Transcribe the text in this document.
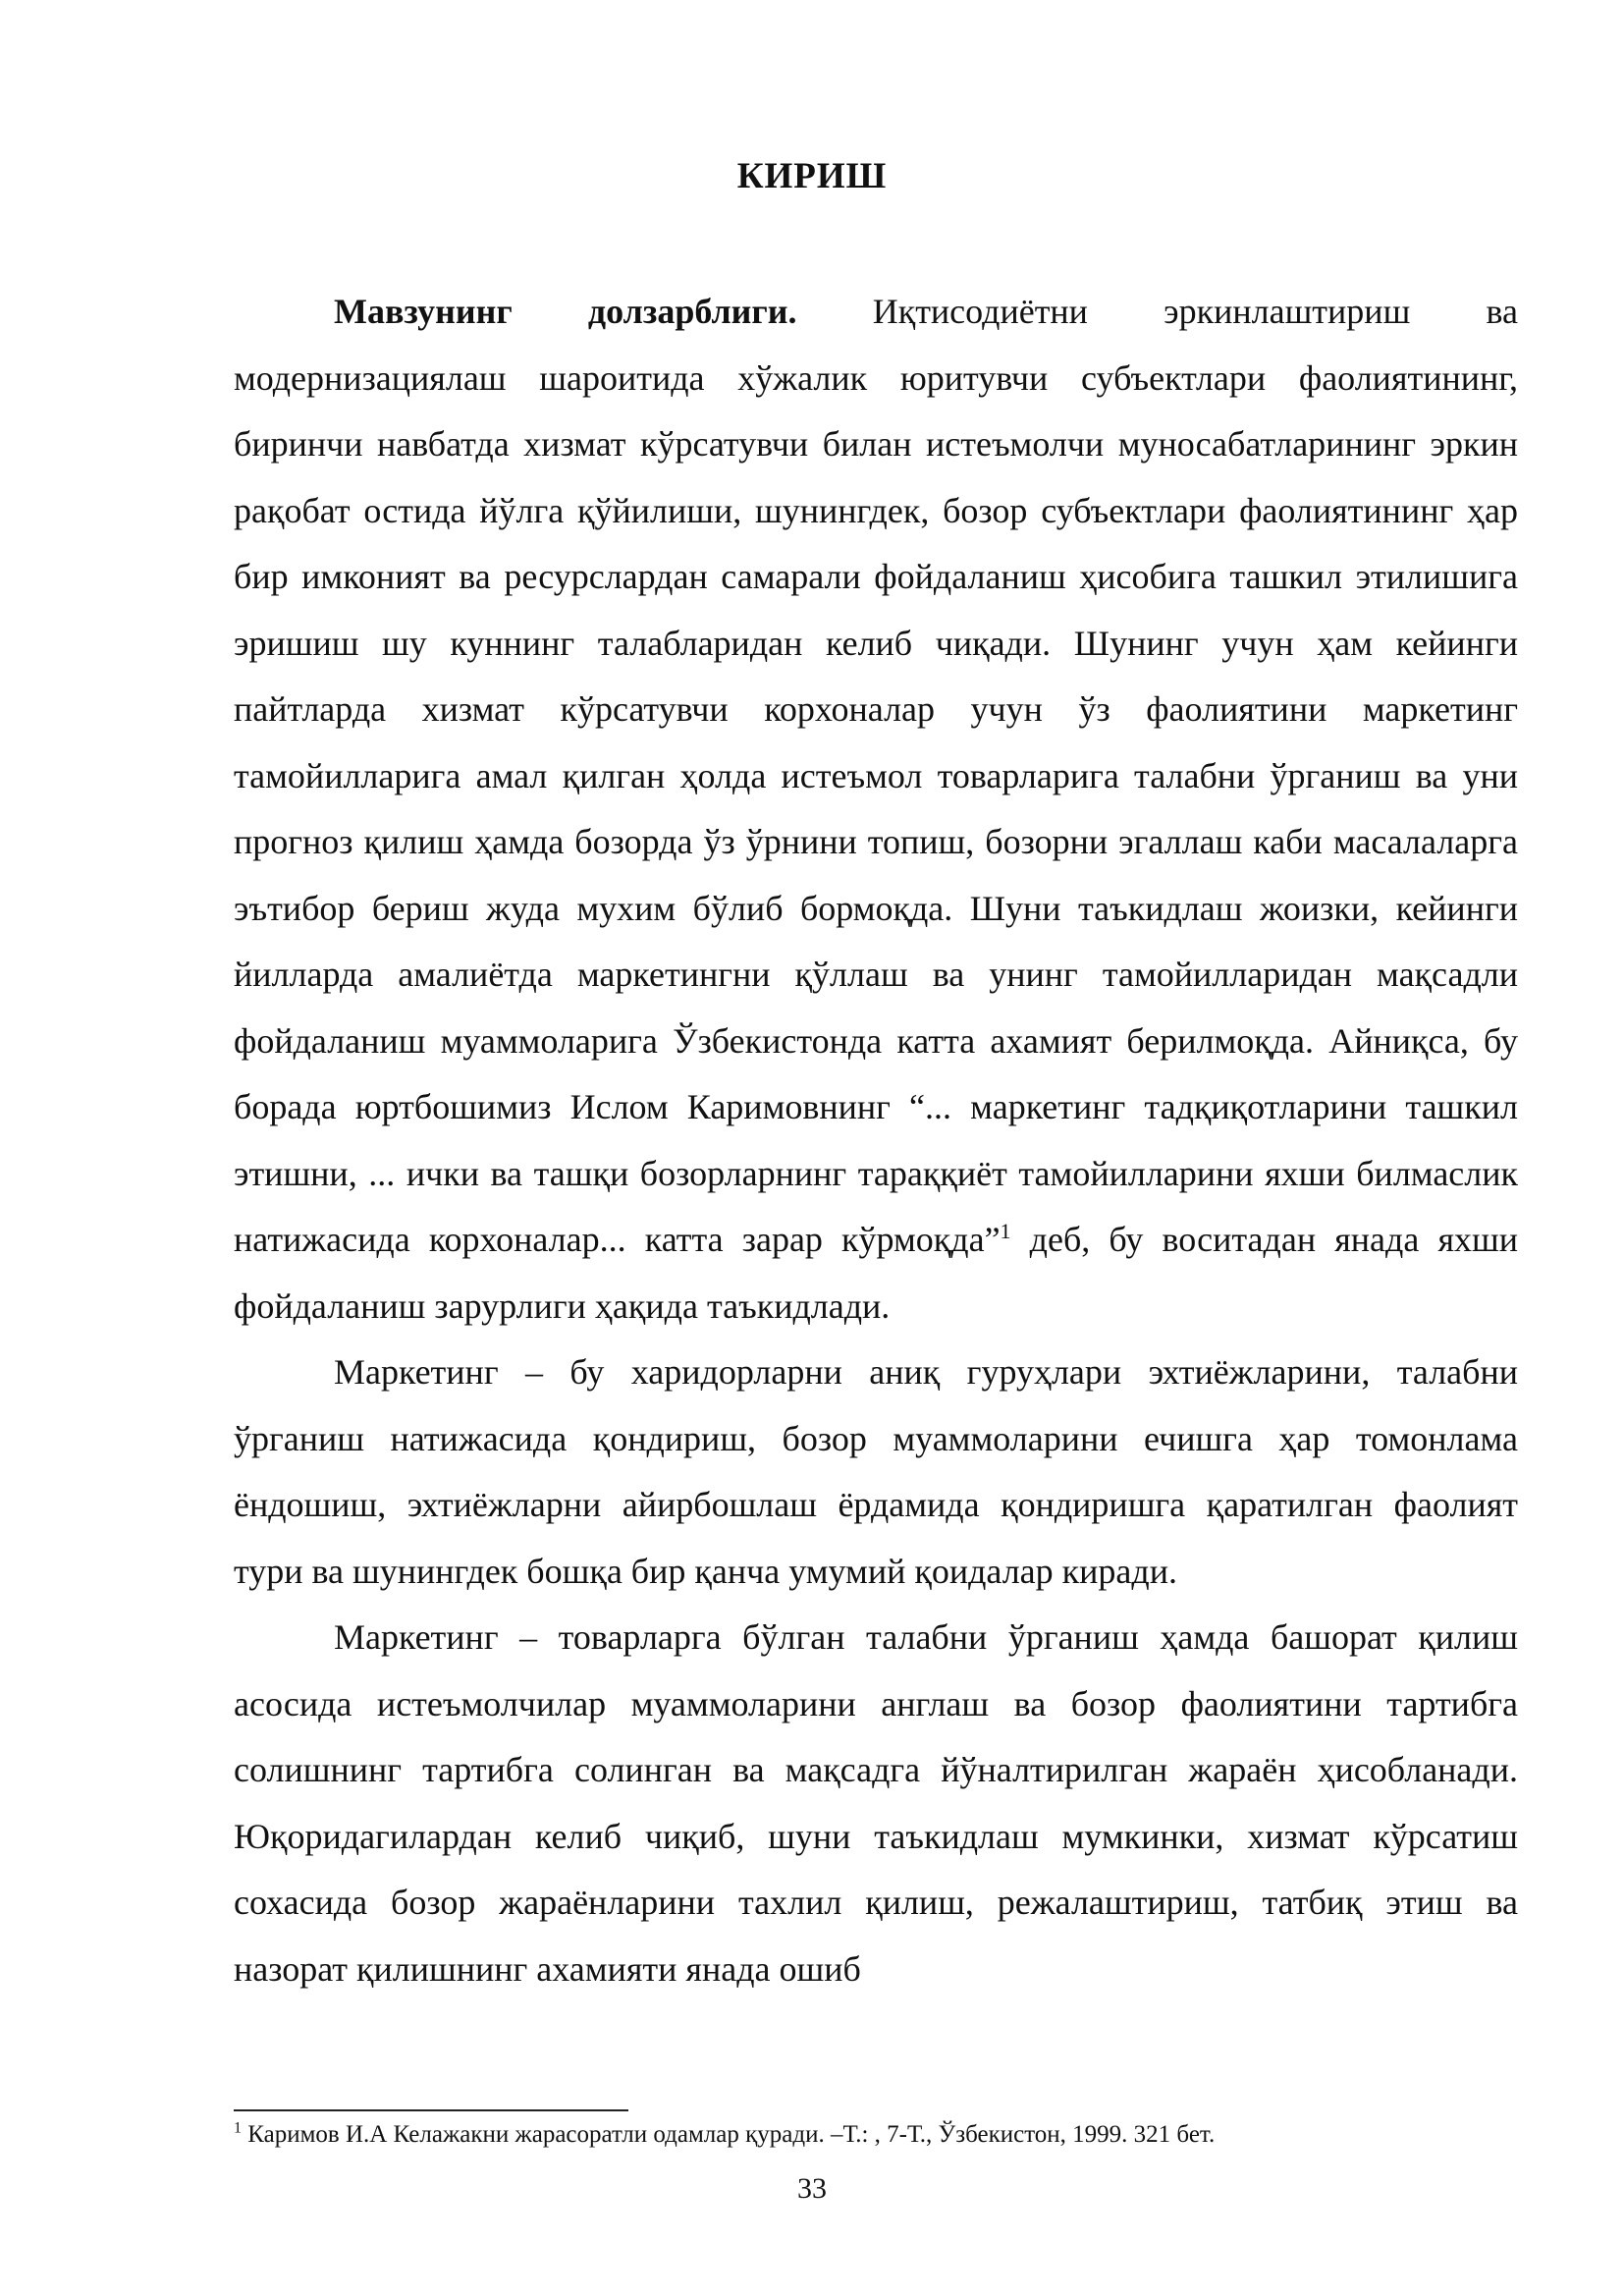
КИРИШ

Мавзунинг долзарблиги. Иқтисодиётни эркинлаштириш ва модернизациялаш шароитида хўжалик юритувчи субъектлари фаолиятининг, биринчи навбатда хизмат кўрсатувчи билан истеъмолчи муносабатларининг эркин рақобат остида йўлга қўйилиши, шунингдек, бозор субъектлари фаолиятининг ҳар бир имконият ва ресурслардан самарали фойдаланиш ҳисобига ташкил этилишига эришиш шу куннинг талабларидан келиб чиқади. Шунинг учун ҳам кейинги пайтларда хизмат кўрсатувчи корхоналар учун ўз фаолиятини маркетинг тамойилларига амал қилган ҳолда истеъмол товарларига талабни ўрганиш ва уни прогноз қилиш ҳамда бозорда ўз ўрнини топиш, бозорни эгаллаш каби масалаларга эътибор бериш жуда мухим бўлиб бормоқда. Шуни таъкидлаш жоизки, кейинги йилларда амалиётда маркетингни қўллаш ва унинг тамойилларидан мақсадли фойдаланиш муаммоларига Ўзбекистонда катта ахамият берилмоқда. Айниқса, бу борада юртбошимиз Ислом Каримовнинг “... маркетинг тадқиқотларини ташкил этишни, ... ички ва ташқи бозорларнинг тараққиёт тамойилларини яхши билмаслик натижасида корхоналар... катта зарар кўрмоқда”$^1$ деб, бу воситадан янада яхши фойдаланиш зарурлиги ҳақида таъкидлади.

Маркетинг – бу харидорларни аниқ гуруҳлари эхтиёжларини, талабни ўрганиш натижасида қондириш, бозор муаммоларини ечишга ҳар томонлама ёндошиш, эхтиёжларни айирбошлаш ёрдамида қондиришга қаратилган фаолият тури ва шунингдек бошқа бир қанча умумий қоидалар киради.

Маркетинг – товарларга бўлган талабни ўрганиш ҳамда башорат қилиш асосида истеъмолчилар муаммоларини англаш ва бозор фаолиятини тартибга солишнинг тартибга солинган ва мақсадга йўналтирилган жараён ҳисобланади. Юқоридагилардан келиб чиқиб, шуни таъкидлаш мумкинки, хизмат кўрсатиш сохасида бозор жараёнларини тахлил қилиш, режалаштириш, татбиқ этиш ва назорат қилишнинг ахамияти янада ошиб

$^1$ Каримов И.А Келажакни жарасоратли одамлар қуради. –Т.: , 7-Т., Ўзбекистон, 1999. 321 бет.
33
